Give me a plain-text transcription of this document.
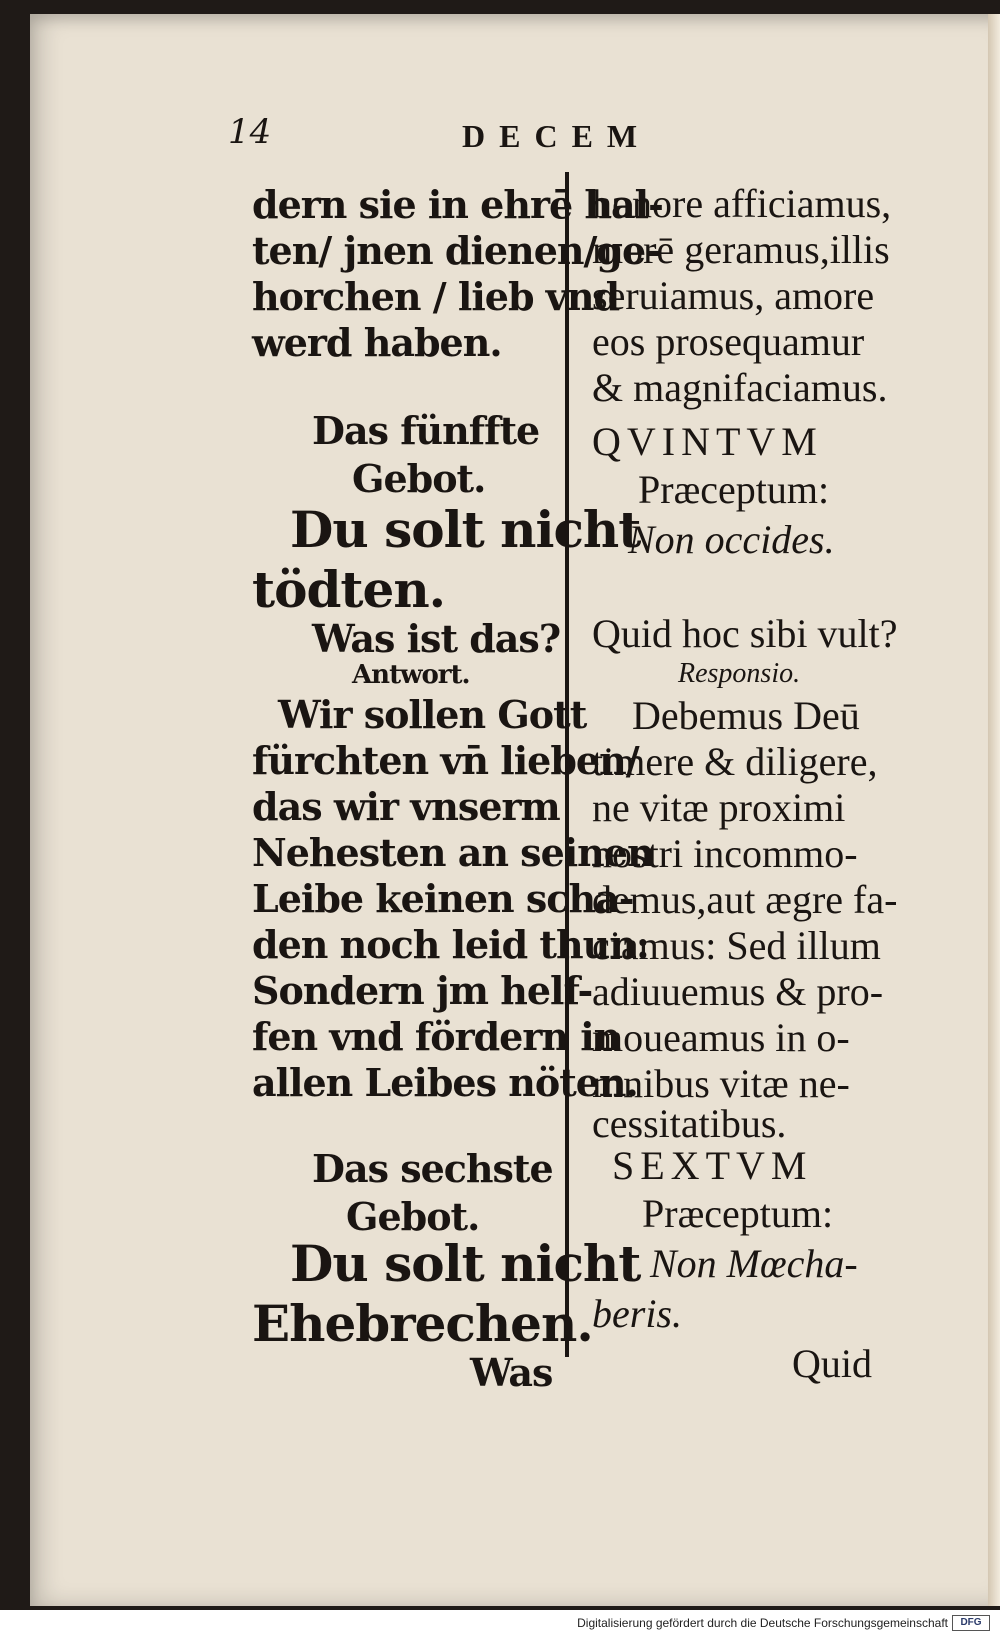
14	DECEM
dern sie in ehrē hal-
ten/ jnen dienen/ge-
horchen / lieb vnd
werd haben.
Das fünffte
Gebot.
Du solt nicht
tödten.
Was ist das?
Antwort.
Wir sollen Gott
fürchten vn̄ lieben/
das wir vnserm
Nehesten an seinen
Leibe keinen scha-
den noch leid thun:
Sondern jm helf-
fen vnd fördern in
allen Leibes nöten.
Das sechste
Gebot.
Du solt nicht
Ehebrechen.
Was
honore afficiamus,
morē geramus,illis
seruiamus, amore
eos prosequamur
& magnifaciamus.
QVINTVM
Præceptum:
Non occides.
Quid hoc sibi vult?
Responsio.
Debemus Deū
timere & diligere,
ne vitæ proximi
nostri incommo-
demus,aut ægre fa-
ciamus: Sed illum
adiuuemus & pro-
moueamus in o-
mnibus vitæ ne-
cessitatibus.
SEXTVM
Præceptum:
Non Mœcha-
beris.
Quid
Digitalisierung gefördert durch die Deutsche Forschungsgemeinschaft	DFG
